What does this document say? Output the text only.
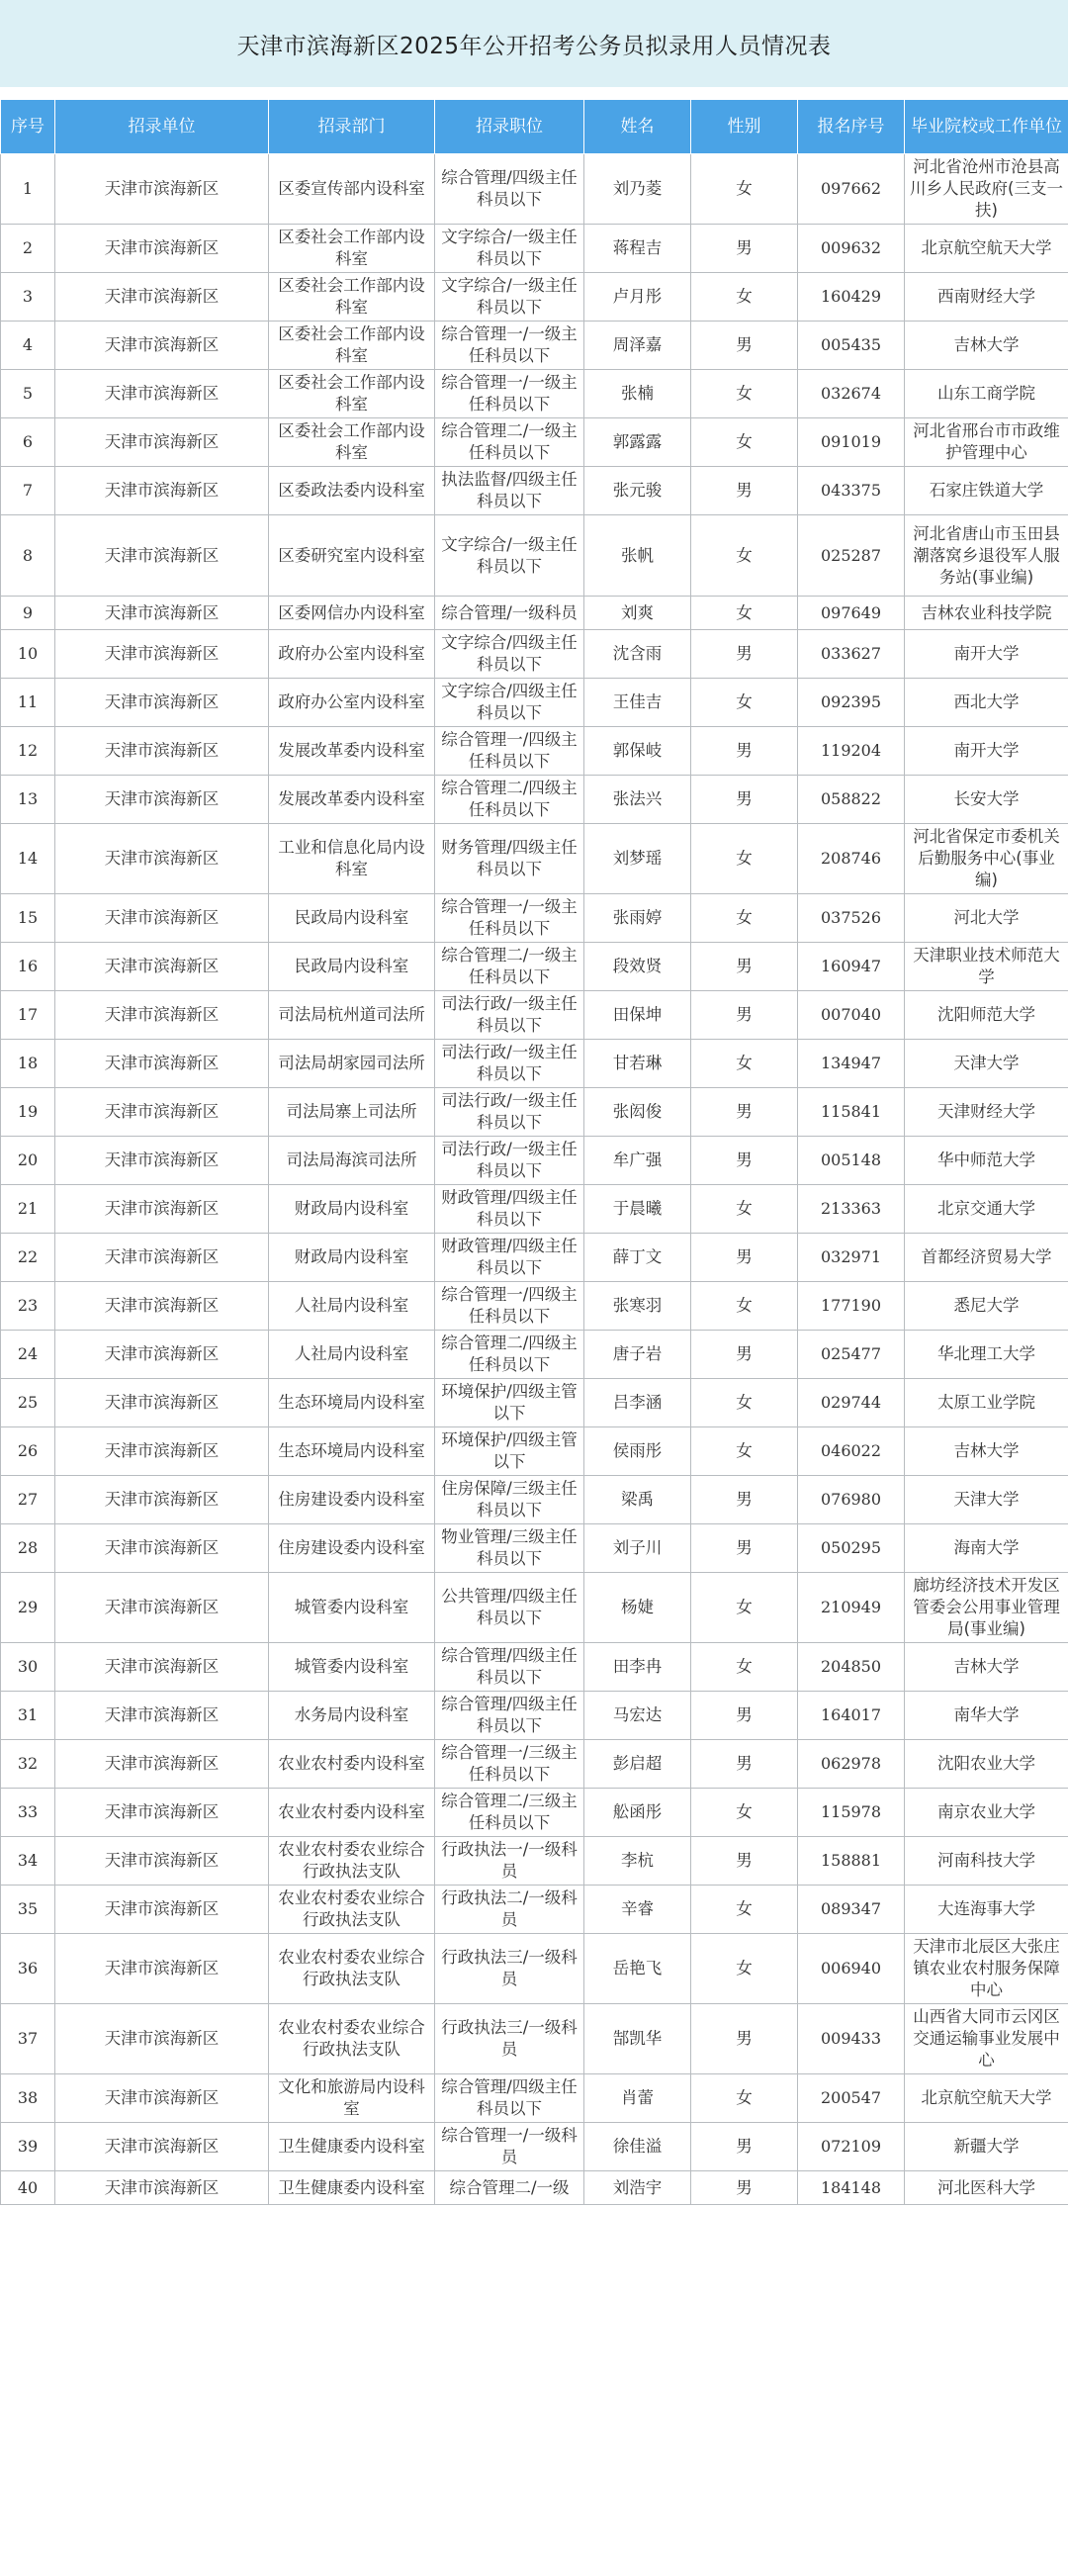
天津市滨海新区2025年公开招考公务员拟录用人员情况表
序号	招录单位	招录部门	招录职位	姓名	性别	报名序号	毕业院校或工作单位
1	天津市滨海新区	区委宣传部内设科室	综合管理/四级主任科员以下	刘乃菱	女	097662	河北省沧州市沧县高川乡人民政府(三支一扶)
2	天津市滨海新区	区委社会工作部内设科室	文字综合/一级主任科员以下	蒋程吉	男	009632	北京航空航天大学
3	天津市滨海新区	区委社会工作部内设科室	文字综合/一级主任科员以下	卢月彤	女	160429	西南财经大学
4	天津市滨海新区	区委社会工作部内设科室	综合管理一/一级主任科员以下	周泽嘉	男	005435	吉林大学
5	天津市滨海新区	区委社会工作部内设科室	综合管理一/一级主任科员以下	张楠	女	032674	山东工商学院
6	天津市滨海新区	区委社会工作部内设科室	综合管理二/一级主任科员以下	郭露露	女	091019	河北省邢台市市政维护管理中心
7	天津市滨海新区	区委政法委内设科室	执法监督/四级主任科员以下	张元骏	男	043375	石家庄铁道大学
8	天津市滨海新区	区委研究室内设科室	文字综合/一级主任科员以下	张帆	女	025287	河北省唐山市玉田县潮落窝乡退役军人服务站(事业编)
9	天津市滨海新区	区委网信办内设科室	综合管理/一级科员	刘爽	女	097649	吉林农业科技学院
10	天津市滨海新区	政府办公室内设科室	文字综合/四级主任科员以下	沈含雨	男	033627	南开大学
11	天津市滨海新区	政府办公室内设科室	文字综合/四级主任科员以下	王佳吉	女	092395	西北大学
12	天津市滨海新区	发展改革委内设科室	综合管理一/四级主任科员以下	郭保岐	男	119204	南开大学
13	天津市滨海新区	发展改革委内设科室	综合管理二/四级主任科员以下	张法兴	男	058822	长安大学
14	天津市滨海新区	工业和信息化局内设科室	财务管理/四级主任科员以下	刘梦瑶	女	208746	河北省保定市委机关后勤服务中心(事业编)
15	天津市滨海新区	民政局内设科室	综合管理一/一级主任科员以下	张雨婷	女	037526	河北大学
16	天津市滨海新区	民政局内设科室	综合管理二/一级主任科员以下	段效贤	男	160947	天津职业技术师范大学
17	天津市滨海新区	司法局杭州道司法所	司法行政/一级主任科员以下	田保坤	男	007040	沈阳师范大学
18	天津市滨海新区	司法局胡家园司法所	司法行政/一级主任科员以下	甘若琳	女	134947	天津大学
19	天津市滨海新区	司法局寨上司法所	司法行政/一级主任科员以下	张闳俊	男	115841	天津财经大学
20	天津市滨海新区	司法局海滨司法所	司法行政/一级主任科员以下	牟广强	男	005148	华中师范大学
21	天津市滨海新区	财政局内设科室	财政管理/四级主任科员以下	于晨曦	女	213363	北京交通大学
22	天津市滨海新区	财政局内设科室	财政管理/四级主任科员以下	薛丁文	男	032971	首都经济贸易大学
23	天津市滨海新区	人社局内设科室	综合管理一/四级主任科员以下	张寒羽	女	177190	悉尼大学
24	天津市滨海新区	人社局内设科室	综合管理二/四级主任科员以下	唐子岩	男	025477	华北理工大学
25	天津市滨海新区	生态环境局内设科室	环境保护/四级主管以下	吕李涵	女	029744	太原工业学院
26	天津市滨海新区	生态环境局内设科室	环境保护/四级主管以下	侯雨彤	女	046022	吉林大学
27	天津市滨海新区	住房建设委内设科室	住房保障/三级主任科员以下	梁禹	男	076980	天津大学
28	天津市滨海新区	住房建设委内设科室	物业管理/三级主任科员以下	刘子川	男	050295	海南大学
29	天津市滨海新区	城管委内设科室	公共管理/四级主任科员以下	杨婕	女	210949	廊坊经济技术开发区管委会公用事业管理局(事业编)
30	天津市滨海新区	城管委内设科室	综合管理/四级主任科员以下	田李冉	女	204850	吉林大学
31	天津市滨海新区	水务局内设科室	综合管理/四级主任科员以下	马宏达	男	164017	南华大学
32	天津市滨海新区	农业农村委内设科室	综合管理一/三级主任科员以下	彭启超	男	062978	沈阳农业大学
33	天津市滨海新区	农业农村委内设科室	综合管理二/三级主任科员以下	舩函彤	女	115978	南京农业大学
34	天津市滨海新区	农业农村委农业综合行政执法支队	行政执法一/一级科员	李杭	男	158881	河南科技大学
35	天津市滨海新区	农业农村委农业综合行政执法支队	行政执法二/一级科员	辛睿	女	089347	大连海事大学
36	天津市滨海新区	农业农村委农业综合行政执法支队	行政执法三/一级科员	岳艳飞	女	006940	天津市北辰区大张庄镇农业农村服务保障中心
37	天津市滨海新区	农业农村委农业综合行政执法支队	行政执法三/一级科员	郜凯华	男	009433	山西省大同市云冈区交通运输事业发展中心
38	天津市滨海新区	文化和旅游局内设科室	综合管理/四级主任科员以下	肖蕾	女	200547	北京航空航天大学
39	天津市滨海新区	卫生健康委内设科室	综合管理一/一级科员	徐佳溢	男	072109	新疆大学
40	天津市滨海新区	卫生健康委内设科室	综合管理二/一级	刘浩宇	男	184148	河北医科大学
